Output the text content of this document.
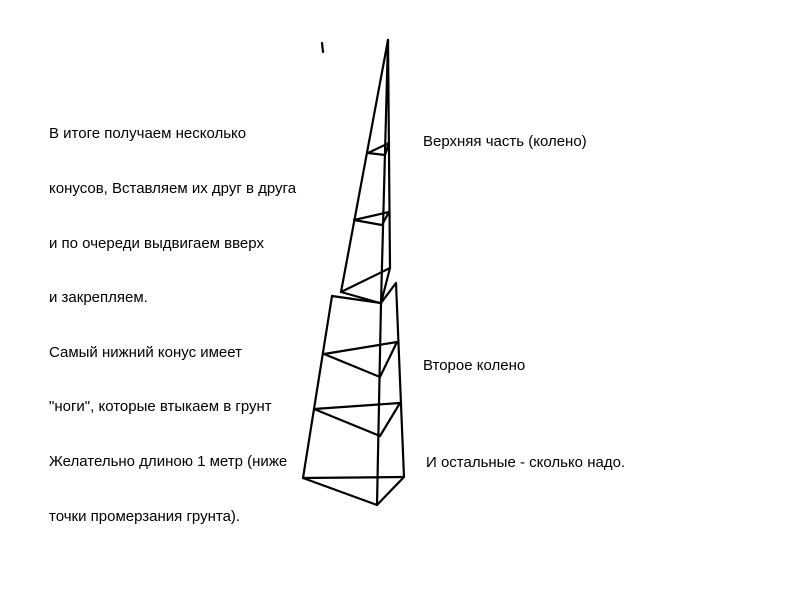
В итоге получаем несколько

конусов, Вставляем их друг в друга

и по очереди выдвигаем вверх

и закрепляем.

Самый нижний конус имеет

"ноги", которые втыкаем в грунт

Желательно длиною 1 метр (ниже

точки промерзания грунта).

Верхняя часть (колено)
Второе колено
И остальные - сколько надо.
